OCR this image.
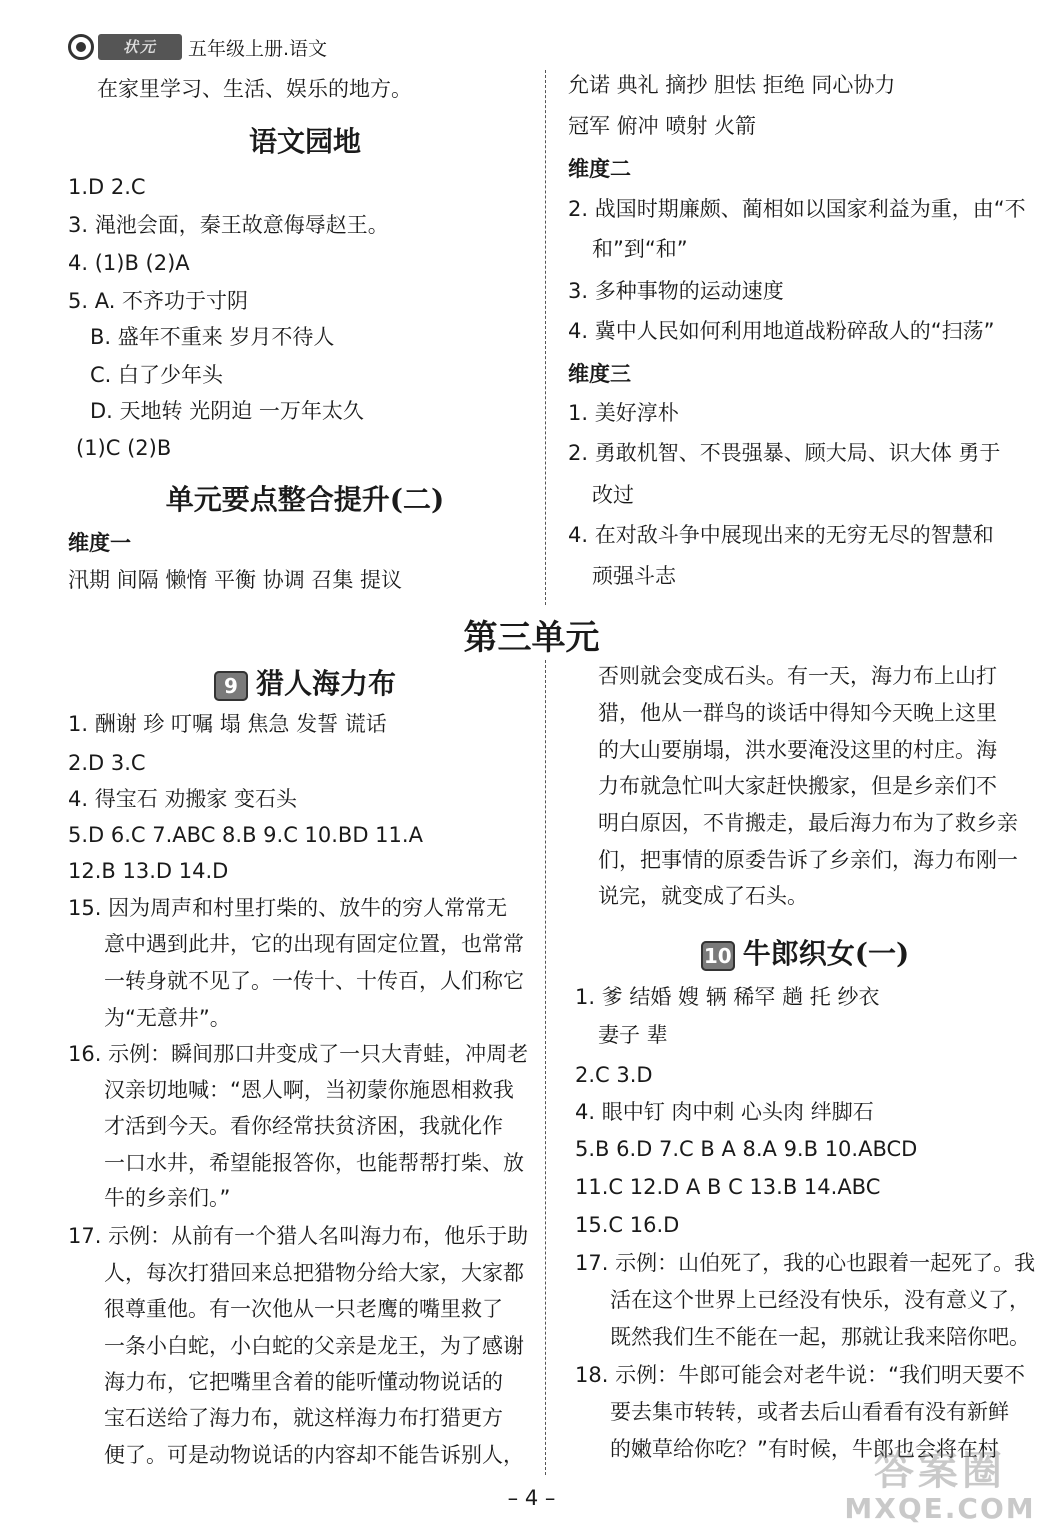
状元	五年级上册.语文
在家里学习、生活、娱乐的地方。
语文园地
1.D 2.C
3. 渑池会面，秦王故意侮辱赵王。
4. (1)B (2)A
5. A. 不齐功于寸阴
B. 盛年不重来 岁月不待人
C. 白了少年头
D. 天地转 光阴迫 一万年太久
(1)C (2)B
单元要点整合提升(二)
维度一
汛期 间隔 懒惰 平衡 协调 召集 提议
允诺 典礼 摘抄 胆怯 拒绝 同心协力
冠军 俯冲 喷射 火箭
维度二
2. 战国时期廉颇、蔺相如以国家利益为重，由“不
和”到“和”
3. 多种事物的运动速度
4. 冀中人民如何利用地道战粉碎敌人的“扫荡”
维度三
1. 美好淳朴
2. 勇敢机智、不畏强暴、顾大局、识大体 勇于
改过
4. 在对敌斗争中展现出来的无穷无尽的智慧和
顽强斗志
第三单元
9 猎人海力布
1. 酬谢 珍 叮嘱 塌 焦急 发誓 谎话
2.D 3.C
4. 得宝石 劝搬家 变石头
5.D 6.C 7.ABC 8.B 9.C 10.BD 11.A
12.B 13.D 14.D
15. 因为周声和村里打柴的、放牛的穷人常常无
意中遇到此井，它的出现有固定位置，也常常
一转身就不见了。一传十、十传百，人们称它
为“无意井”。
16. 示例：瞬间那口井变成了一只大青蛙，冲周老
汉亲切地喊：“恩人啊，当初蒙你施恩相救我
才活到今天。看你经常扶贫济困，我就化作
一口水井，希望能报答你，也能帮帮打柴、放
牛的乡亲们。”
17. 示例：从前有一个猎人名叫海力布，他乐于助
人，每次打猎回来总把猎物分给大家，大家都
很尊重他。有一次他从一只老鹰的嘴里救了
一条小白蛇，小白蛇的父亲是龙王，为了感谢
海力布，它把嘴里含着的能听懂动物说话的
宝石送给了海力布，就这样海力布打猎更方
便了。可是动物说话的内容却不能告诉别人，
否则就会变成石头。有一天，海力布上山打
猎，他从一群鸟的谈话中得知今天晚上这里
的大山要崩塌，洪水要淹没这里的村庄。海
力布就急忙叫大家赶快搬家，但是乡亲们不
明白原因，不肯搬走，最后海力布为了救乡亲
们，把事情的原委告诉了乡亲们，海力布刚一
说完，就变成了石头。
10 牛郎织女(一)
1. 爹 结婚 嫂 辆 稀罕 趟 托 纱衣
妻子 辈
2.C 3.D
4. 眼中钉 肉中刺 心头肉 绊脚石
5.B 6.D 7.C B A 8.A 9.B 10.ABCD
11.C 12.D A B C 13.B 14.ABC
15.C 16.D
17. 示例：山伯死了，我的心也跟着一起死了。我
活在这个世界上已经没有快乐，没有意义了，
既然我们生不能在一起，那就让我来陪你吧。
18. 示例：牛郎可能会对老牛说：“我们明天要不
要去集市转转，或者去后山看看有没有新鲜
的嫩草给你吃？”有时候，牛郎也会将在村
– 4 –
答案圈
MXQE.COM
